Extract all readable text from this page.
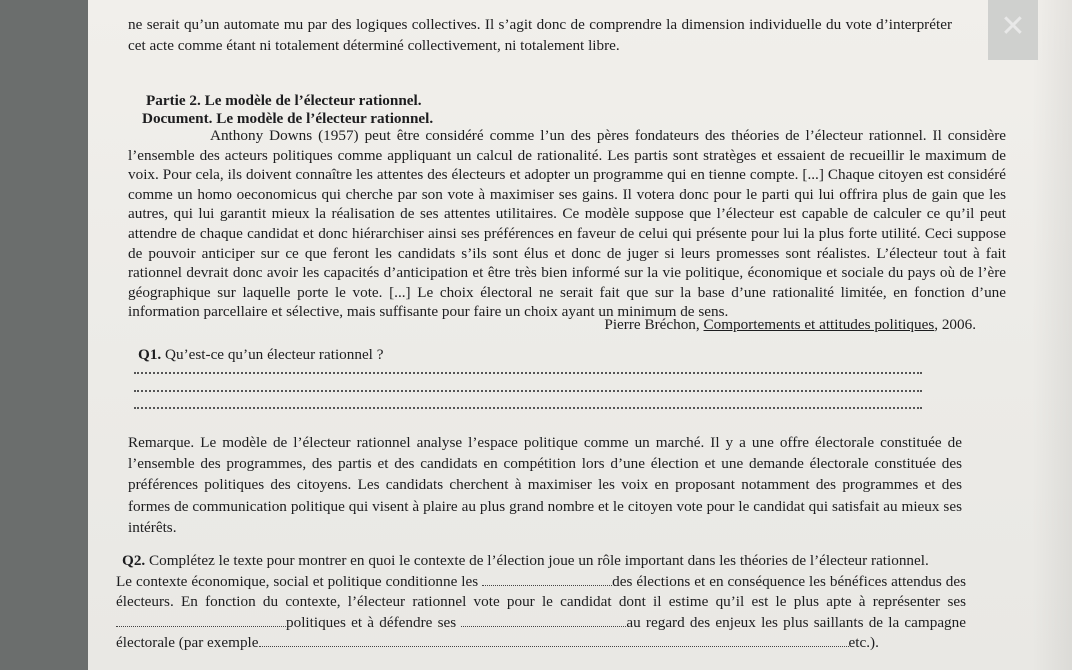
✕
ne serait qu’un automate mu par des logiques collectives. Il s’agit donc de comprendre la dimension individuelle du vote d’interpréter cet acte comme étant ni totalement déterminé collectivement, ni totalement libre.
Partie 2. Le modèle de l’électeur rationnel.
Document. Le modèle de l’électeur rationnel.
Anthony Downs (1957) peut être considéré comme l’un des pères fondateurs des théories de l’électeur rationnel. Il considère l’ensemble des acteurs politiques comme appliquant un calcul de rationalité. Les partis sont stratèges et essaient de recueillir le maximum de voix. Pour cela, ils doivent connaître les attentes des électeurs et adopter un programme qui en tienne compte. [...] Chaque citoyen est considéré comme un homo oeconomicus qui cherche par son vote à maximiser ses gains. Il votera donc pour le parti qui lui offrira plus de gain que les autres, qui lui garantit mieux la réalisation de ses attentes utilitaires. Ce modèle suppose que l’électeur est capable de calculer ce qu’il peut attendre de chaque candidat et donc hiérarchiser ainsi ses préférences en faveur de celui qui présente pour lui la plus forte utilité. Ceci suppose de pouvoir anticiper sur ce que feront les candidats s’ils sont élus et donc de juger si leurs promesses sont réalistes. L’électeur tout à fait rationnel devrait donc avoir les capacités d’anticipation et être très bien informé sur la vie politique, économique et sociale du pays où de l’ère géographique sur laquelle porte le vote. [...] Le choix électoral ne serait fait que sur la base d’une rationalité limitée, en fonction d’une information parcellaire et sélective, mais suffisante pour faire un choix ayant un minimum de sens.
Pierre Bréchon, Comportements et attitudes politiques, 2006.
Q1. Qu’est-ce qu’un électeur rationnel ?
Remarque. Le modèle de l’électeur rationnel analyse l’espace politique comme un marché. Il y a une offre électorale constituée de l’ensemble des programmes, des partis et des candidats en compétition lors d’une élection et une demande électorale constituée des préférences politiques des citoyens. Les candidats cherchent à maximiser les voix en proposant notamment des programmes et des formes de communication politique qui visent à plaire au plus grand nombre et le citoyen vote pour le candidat qui satisfait au mieux ses intérêts.
Q2. Complétez le texte pour montrer en quoi le contexte de l’élection joue un rôle important dans les théories de l’électeur rationnel.
Le contexte économique, social et politique conditionne les	des élections et en conséquence les bénéfices attendus des électeurs. En fonction du contexte, l’électeur rationnel vote pour le candidat dont il estime qu’il est le plus apte à représenter ses politiques et à défendre ses	au regard des enjeux les plus saillants de la campagne électorale (par exemple	etc.).
